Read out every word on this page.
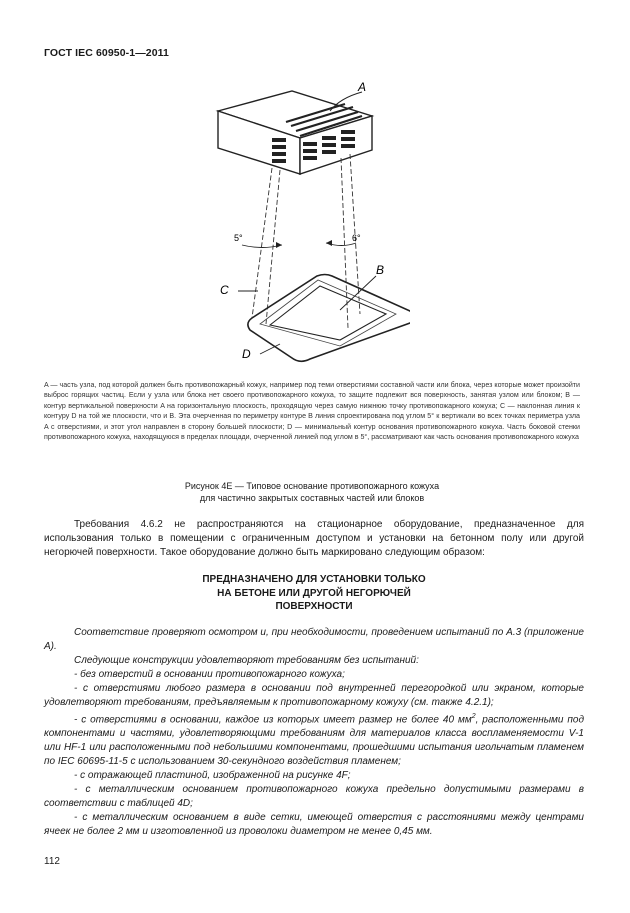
ГОСТ IEC 60950-1—2011
A
5°	6°
B
C
D

A — часть узла, под которой должен быть противопожарный кожух, например под теми отверстиями составной части или блока, через которые может произойти выброс горящих частиц. Если у узла или блока нет своего противопожарного кожуха, то защите подлежит вся поверхность, занятая узлом или блоком; B — контур вертикальной поверхности A на горизонтальную плоскость, проходящую через самую нижнюю точку противопожарного кожуха; C — наклонная линия к контуру D на той же плоскости, что и B. Эта очерченная по периметру контуре B линия спроектирована под углом 5° к вертикали во всех точках периметра узла A с отверстиями, и этот угол направлен в сторону большей плоскости; D — минимальный контур основания противопожарного кожуха. Часть боковой стенки противопожарного кожуха, находящуюся в пределах площади, очерченной линией под углом в 5°, рассматривают как часть основания противопожарного кожуха

Рисунок 4Е — Типовое основание противопожарного кожуха

для частично закрытых составных частей или блоков

Требования 4.6.2 не распространяются на стационарное оборудование, предназначенное для использования только в помещении с ограниченным доступом и установки на бетонном полу или другой негорючей поверхности. Такое оборудование должно быть маркировано следующим образом:

ПРЕДНАЗНАЧЕНО ДЛЯ УСТАНОВКИ ТОЛЬКО
НА БЕТОНЕ ИЛИ ДРУГОЙ НЕГОРЮЧЕЙ
ПОВЕРХНОСТИ

Соответствие проверяют осмотром и, при необходимости, проведением испытаний по А.3 (приложение А).

Следующие конструкции удовлетворяют требованиям без испытаний:

- без отверстий в основании противопожарного кожуха;

- с отверстиями любого размера в основании под внутренней перегородкой или экраном, которые удовлетворяют требованиям, предъявляемым к противопожарному кожуху (см. также 4.2.1);

- с отверстиями в основании, каждое из которых имеет размер не более 40 $мм^2$, расположенными под компонентами и частями, удовлетворяющими требованиям для материалов класса воспламеняемости V-1 или HF-1 или расположенными под небольшими компонентами, прошедшими испытания игольчатым пламенем по IEC 60695-11-5 с использованием 30-секундного воздействия пламенем;

- с отражающей пластиной, изображенной на рисунке 4F;

- с металлическим основанием противопожарного кожуха предельно допустимыми размерами в соответствии с таблицей 4D;

- с металлическим основанием в виде сетки, имеющей отверстия с расстояниями между центрами ячеек не более 2 мм и изготовленной из проволоки диаметром не менее 0,45 мм.

112
